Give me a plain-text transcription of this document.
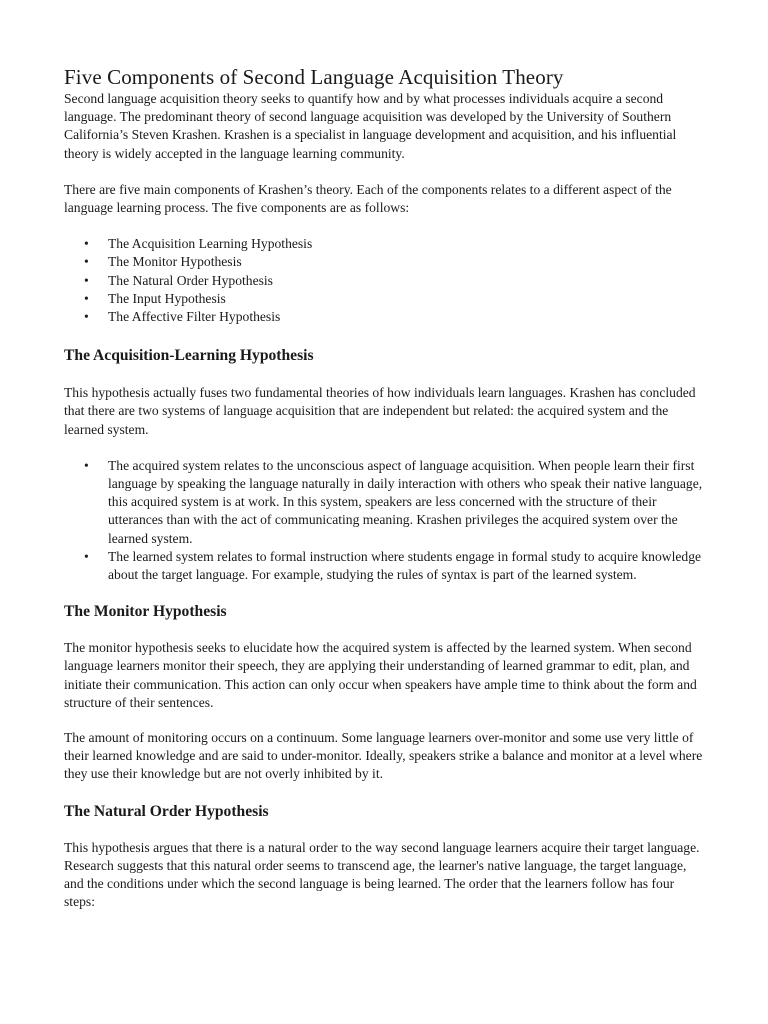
Five Components of Second Language Acquisition Theory

Second language acquisition theory seeks to quantify how and by what processes individuals acquire a second language. The predominant theory of second language acquisition was developed by the University of Southern California’s Steven Krashen. Krashen is a specialist in language development and acquisition, and his influential theory is widely accepted in the language learning community.

There are five main components of Krashen’s theory. Each of the components relates to a different aspect of the language learning process. The five components are as follows:

• The Acquisition Learning Hypothesis
• The Monitor Hypothesis
• The Natural Order Hypothesis
• The Input Hypothesis
• The Affective Filter Hypothesis
The Acquisition-Learning Hypothesis

This hypothesis actually fuses two fundamental theories of how individuals learn languages. Krashen has concluded that there are two systems of language acquisition that are independent but related: the acquired system and the learned system.

• The acquired system relates to the unconscious aspect of language acquisition. When people learn their first language by speaking the language naturally in daily interaction with others who speak their native language, this acquired system is at work. In this system, speakers are less concerned with the structure of their utterances than with the act of communicating meaning. Krashen privileges the acquired system over the learned system.
• The learned system relates to formal instruction where students engage in formal study to acquire knowledge about the target language. For example, studying the rules of syntax is part of the learned system.
The Monitor Hypothesis

The monitor hypothesis seeks to elucidate how the acquired system is affected by the learned system. When second language learners monitor their speech, they are applying their understanding of learned grammar to edit, plan, and initiate their communication. This action can only occur when speakers have ample time to think about the form and structure of their sentences.

The amount of monitoring occurs on a continuum. Some language learners over-monitor and some use very little of their learned knowledge and are said to under-monitor. Ideally, speakers strike a balance and monitor at a level where they use their knowledge but are not overly inhibited by it.

The Natural Order Hypothesis

This hypothesis argues that there is a natural order to the way second language learners acquire their target language. Research suggests that this natural order seems to transcend age, the learner's native language, the target language, and the conditions under which the second language is being learned. The order that the learners follow has four steps:
